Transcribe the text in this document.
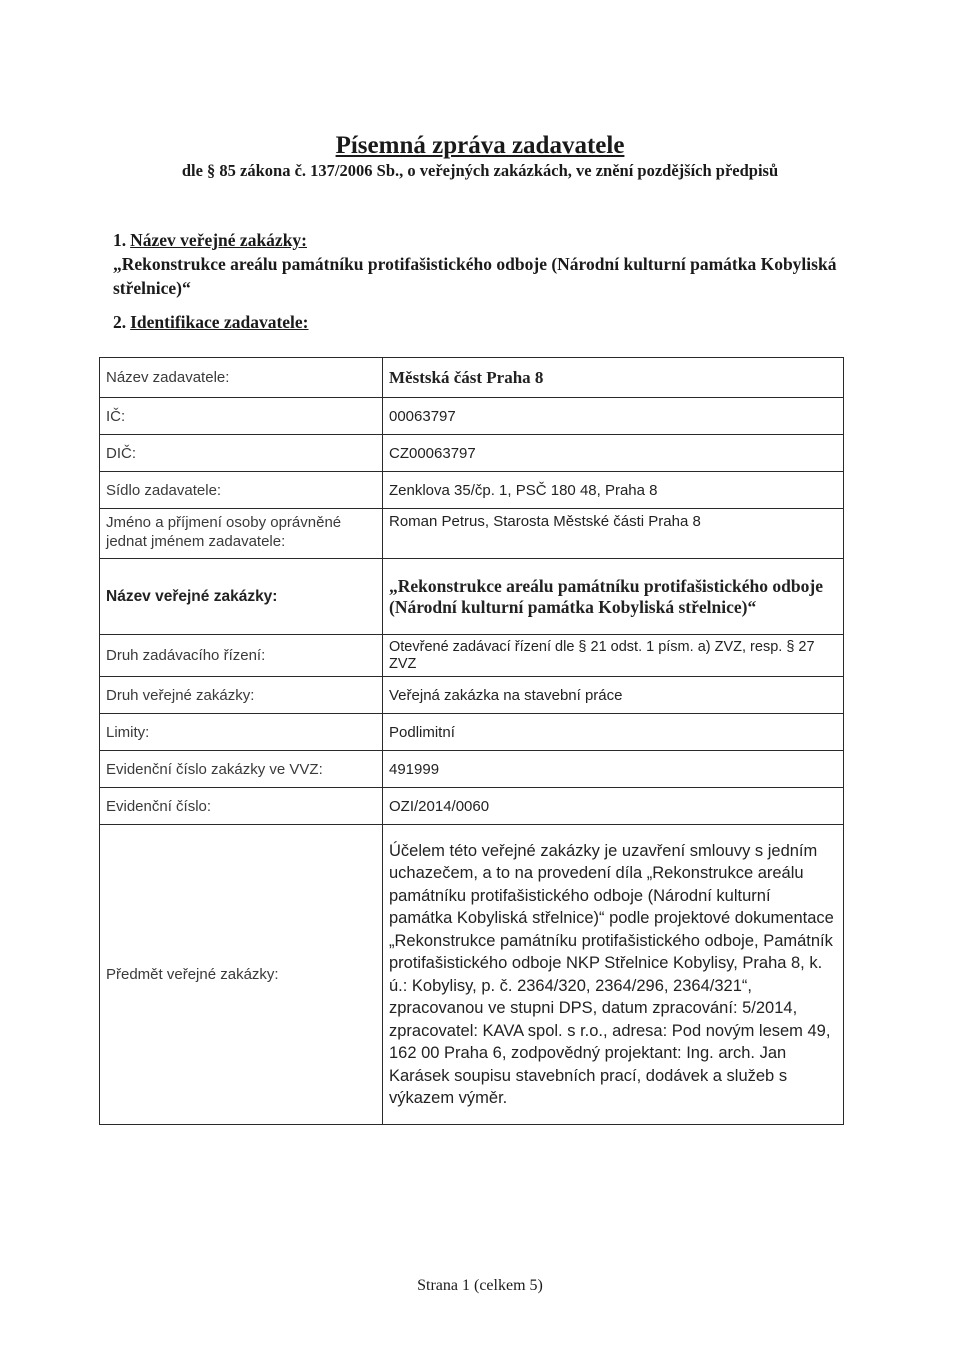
Písemná zpráva zadavatele
dle § 85 zákona č. 137/2006 Sb., o veřejných zakázkách, ve znění pozdějších předpisů
1. Název veřejné zakázky:
„Rekonstrukce areálu památníku protifašistického odboje (Národní kulturní památka Kobyliská střelnice)“
2. Identifikace zadavatele:
Název zadavatele:	Městská část Praha 8
IČ:	00063797
DIČ:	CZ00063797
Sídlo zadavatele:	Zenklova 35/čp. 1, PSČ 180 48, Praha 8
Jméno a příjmení osoby oprávněné jednat jménem zadavatele:	Roman Petrus, Starosta Městské části Praha 8
Název veřejné zakázky:	„Rekonstrukce areálu památníku protifašistického odboje (Národní kulturní památka Kobyliská střelnice)“
Druh zadávacího řízení:	Otevřené zadávací řízení dle § 21 odst. 1 písm. a) ZVZ, resp. § 27 ZVZ
Druh veřejné zakázky:	Veřejná zakázka na stavební práce
Limity:	Podlimitní
Evidenční číslo zakázky ve VVZ:	491999
Evidenční číslo:	OZI/2014/0060
Předmět veřejné zakázky:	Účelem této veřejné zakázky je uzavření smlouvy s jedním uchazečem, a to na provedení díla „Rekonstrukce areálu památníku protifašistického odboje (Národní kulturní památka Kobyliská střelnice)“ podle projektové dokumentace „Rekonstrukce památníku protifašistického odboje, Památník protifašistického odboje NKP Střelnice Kobylisy, Praha 8, k. ú.: Kobylisy, p. č. 2364/320, 2364/296, 2364/321“, zpracovanou ve stupni DPS, datum zpracování: 5/2014, zpracovatel: KAVA spol. s r.o., adresa: Pod novým lesem 49, 162 00 Praha 6, zodpovědný projektant: Ing. arch. Jan Karásek soupisu stavebních prací, dodávek a služeb s výkazem výměr.
Strana 1 (celkem 5)
